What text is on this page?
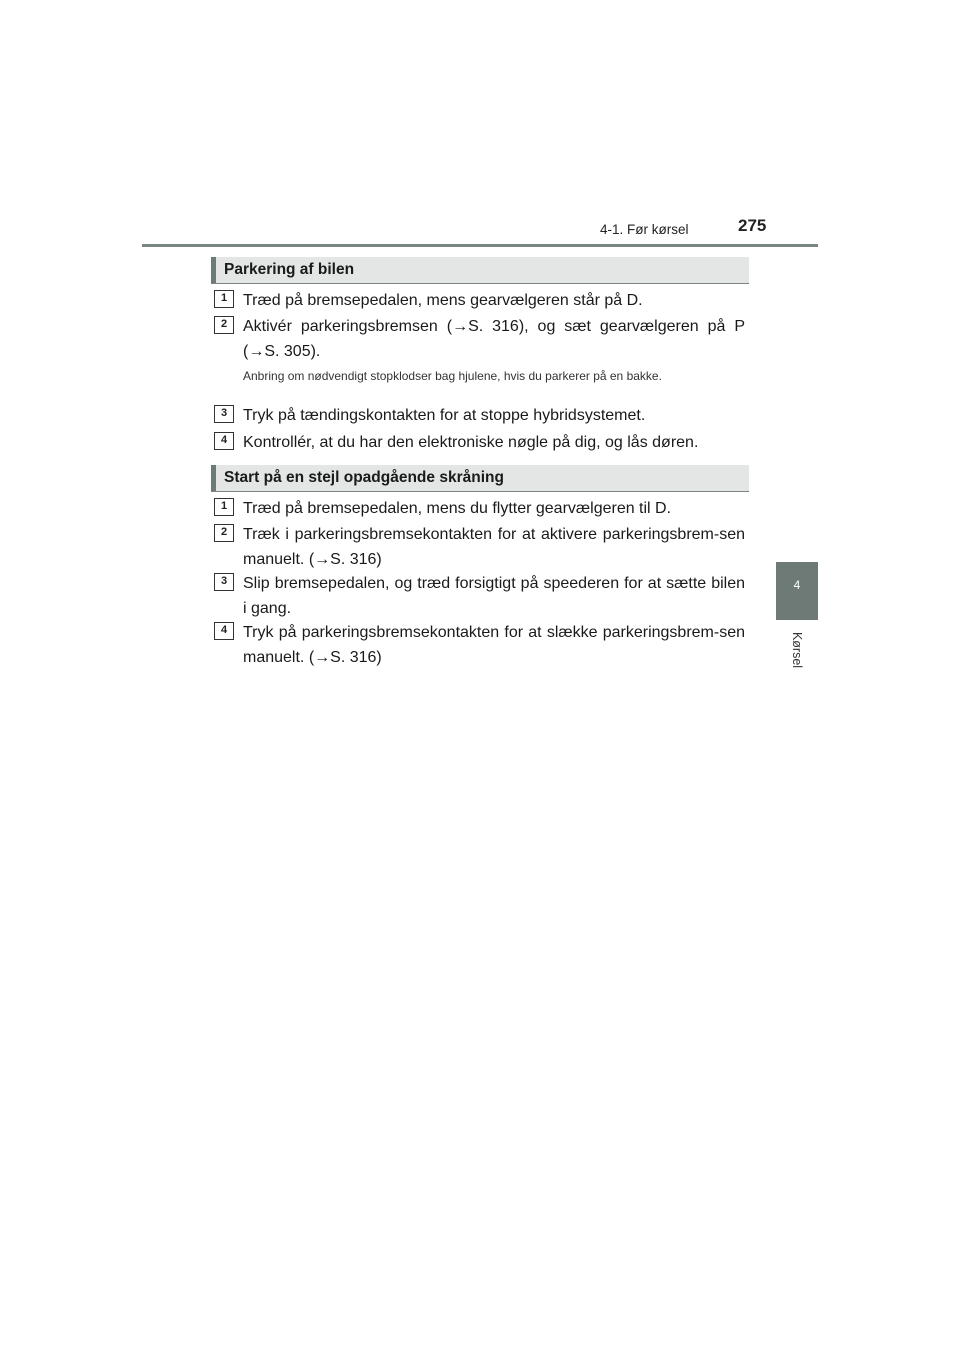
4-1. Før kørsel	275
4
Kørsel
Parkering af bilen
1 Træd på bremsepedalen, mens gearvælgeren står på D.
2 Aktivér parkeringsbremsen (→S. 316), og sæt gearvælgeren på P (→S. 305).
Anbring om nødvendigt stopklodser bag hjulene, hvis du parkerer på en bakke.
3 Tryk på tændingskontakten for at stoppe hybridsystemet.
4 Kontrollér, at du har den elektroniske nøgle på dig, og lås døren.
Start på en stejl opadgående skråning
1 Træd på bremsepedalen, mens du flytter gearvælgeren til D.
2 Træk i parkeringsbremsekontakten for at aktivere parkeringsbrem-sen manuelt. (→S. 316)
3 Slip bremsepedalen, og træd forsigtigt på speederen for at sætte bilen i gang.
4 Tryk på parkeringsbremsekontakten for at slække parkeringsbrem-sen manuelt. (→S. 316)
